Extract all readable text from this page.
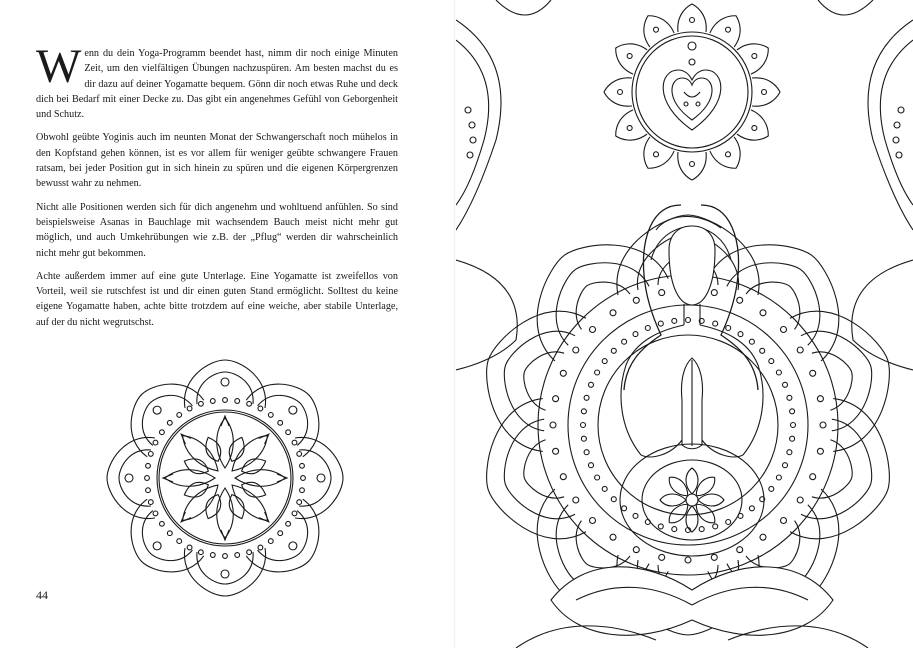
Wenn du dein Yoga-Programm beendet hast, nimm dir noch einige Minuten Zeit, um den vielfältigen Übungen nachzuspüren. Am besten machst du es dir dazu auf deiner Yogamatte bequem. Gönn dir noch etwas Ruhe und deck dich bei Bedarf mit einer Decke zu. Das gibt ein angenehmes Gefühl von Geborgenheit und Schutz.

Obwohl geübte Yoginis auch im neunten Monat der Schwangerschaft noch mühelos in den Kopfstand gehen können, ist es vor allem für weniger geübte schwangere Frauen ratsam, bei jeder Position gut in sich hinein zu spüren und die eigenen Körpergrenzen bewusst wahr zu nehmen.

Nicht alle Positionen werden sich für dich angenehm und wohltuend anfühlen. So sind beispielsweise Asanas in Bauchlage mit wachsendem Bauch meist nicht mehr gut möglich, und auch Umkehrübungen wie z.B. der „Pflug“ werden dir wahrscheinlich nicht mehr gut bekommen.

Achte außerdem immer auf eine gute Unterlage. Eine Yogamatte ist zweifellos von Vorteil, weil sie rutschfest ist und dir einen guten Stand ermöglicht. Solltest du keine eigene Yogamatte haben, achte bitte trotzdem auf eine weiche, aber stabile Unterlage, auf der du nicht wegrutschst.

44
